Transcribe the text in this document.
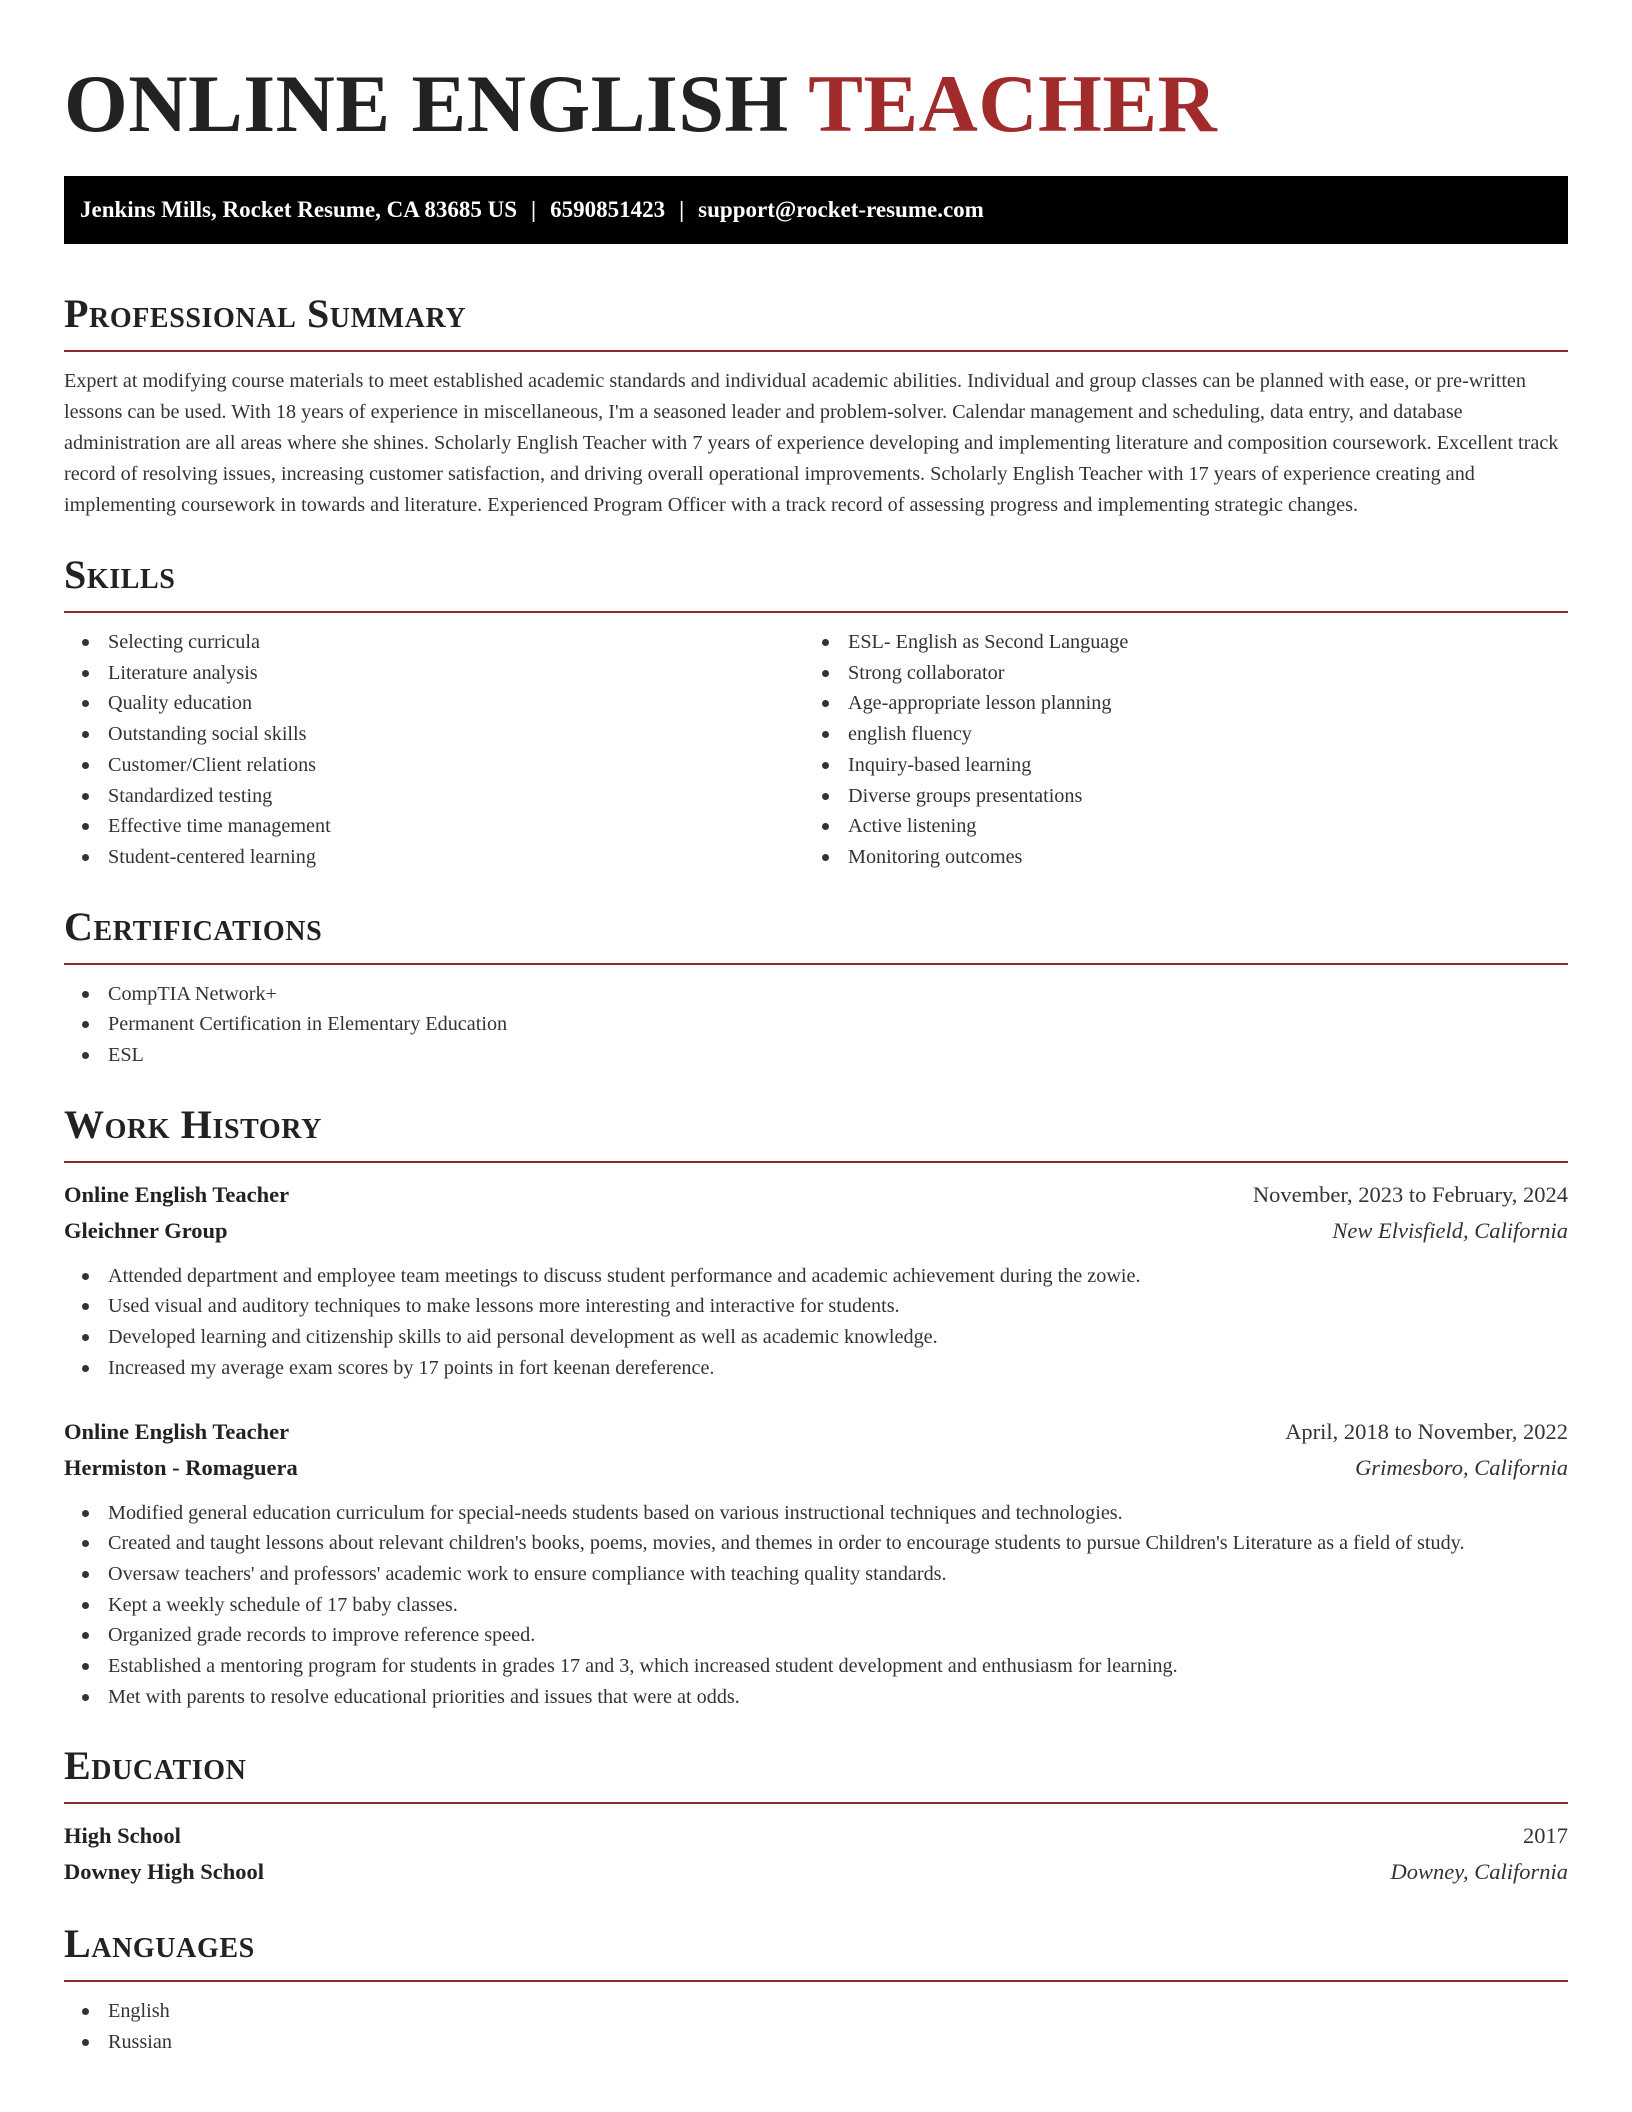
ONLINE ENGLISH TEACHER
Jenkins Mills, Rocket Resume, CA 83685 US | 6590851423 | support@rocket-resume.com
Professional Summary

Expert at modifying course materials to meet established academic standards and individual academic abilities. Individual and group classes can be planned with ease, or pre-written lessons can be used. With 18 years of experience in miscellaneous, I'm a seasoned leader and problem-solver. Calendar management and scheduling, data entry, and database administration are all areas where she shines. Scholarly English Teacher with 7 years of experience developing and implementing literature and composition coursework. Excellent track record of resolving issues, increasing customer satisfaction, and driving overall operational improvements. Scholarly English Teacher with 17 years of experience creating and implementing coursework in towards and literature. Experienced Program Officer with a track record of assessing progress and implementing strategic changes.

Skills
Selecting curricula
Literature analysis
Quality education
Outstanding social skills
Customer/Client relations
Standardized testing
Effective time management
Student-centered learning
ESL- English as Second Language
Strong collaborator
Age-appropriate lesson planning
english fluency
Inquiry-based learning
Diverse groups presentations
Active listening
Monitoring outcomes
Certifications
CompTIA Network+
Permanent Certification in Elementary Education
ESL
Work History
Online English Teacher	November, 2023 to February, 2024
Gleichner Group	New Elvisfield, California
Attended department and employee team meetings to discuss student performance and academic achievement during the zowie.
Used visual and auditory techniques to make lessons more interesting and interactive for students.
Developed learning and citizenship skills to aid personal development as well as academic knowledge.
Increased my average exam scores by 17 points in fort keenan dereference.
Online English Teacher	April, 2018 to November, 2022
Hermiston - Romaguera	Grimesboro, California
Modified general education curriculum for special-needs students based on various instructional techniques and technologies.
Created and taught lessons about relevant children's books, poems, movies, and themes in order to encourage students to pursue Children's Literature as a field of study.
Oversaw teachers' and professors' academic work to ensure compliance with teaching quality standards.
Kept a weekly schedule of 17 baby classes.
Organized grade records to improve reference speed.
Established a mentoring program for students in grades 17 and 3, which increased student development and enthusiasm for learning.
Met with parents to resolve educational priorities and issues that were at odds.
Education
High School	2017
Downey High School	Downey, California
Languages
English
Russian
